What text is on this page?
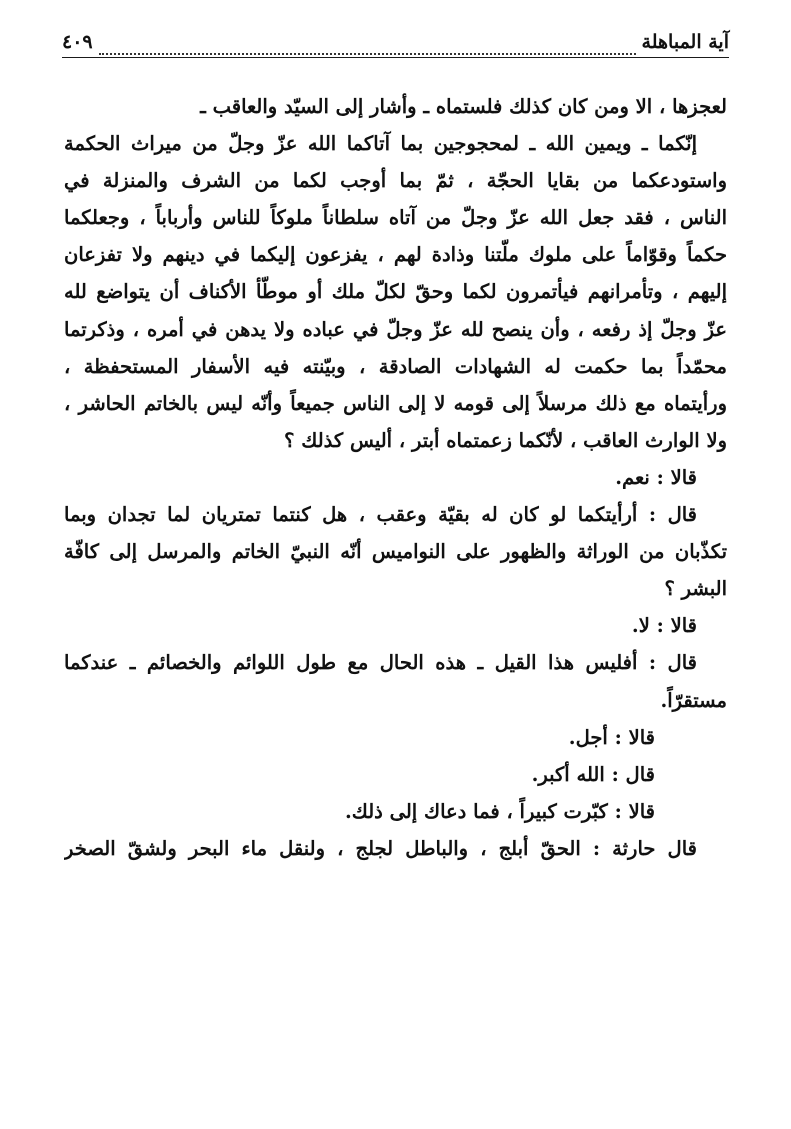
آية المباهلة
٤٠٩
لعجزها ، الا ومن كان كذلك فلستماه ـ وأشار إلى السيّد والعاقب ـ
إنّكما ـ ويمين الله ـ لمحجوجين بما آتاكما الله عزّ وجلّ من ميراث الحكمة
واستودعكما من بقايا الحجّة ، ثمّ بما أوجب لكما من الشرف والمنزلة في
الناس ، فقد جعل الله عزّ وجلّ من آتاه سلطاناً ملوكاً للناس وأرباباً ، وجعلكما
حكماً وقوّاماً على ملوك ملّتنا وذادة لهم ، يفزعون إليكما في دينهم ولا تفزعان
إليهم ، وتأمرانهم فيأتمرون لكما وحقّ لكلّ ملك أو موطّأ الأكناف أن يتواضع لله
عزّ وجلّ إذ رفعه ، وأن ينصح لله عزّ وجلّ في عباده ولا يدهن في أمره ، وذكرتما
محمّداً بما حكمت له الشهادات الصادقة ، وبيّنته فيه الأسفار المستحفظة ،
ورأيتماه مع ذلك مرسلاً إلى قومه لا إلى الناس جميعاً وأنّه ليس بالخاتم الحاشر ،
ولا الوارث العاقب ، لأنّكما زعمتماه أبتر ، أليس كذلك ؟
قالا : نعم.
قال : أرأيتكما لو كان له بقيّة وعقب ، هل كنتما تمتريان لما تجدان وبما
تكذّبان من الوراثة والظهور على النواميس أنّه النبيّ الخاتم والمرسل إلى كافّة
البشر ؟
قالا : لا.
قال : أفليس هذا القيل ـ هذه الحال مع طول اللوائم والخصائم ـ عندكما
مستقرّاً.
قالا : أجل.
قال : الله أكبر.
قالا : كبّرت كبيراً ، فما دعاك إلى ذلك.
قال حارثة : الحقّ أبلج ، والباطل لجلج ، ولنقل ماء البحر ولشقّ الصخر
